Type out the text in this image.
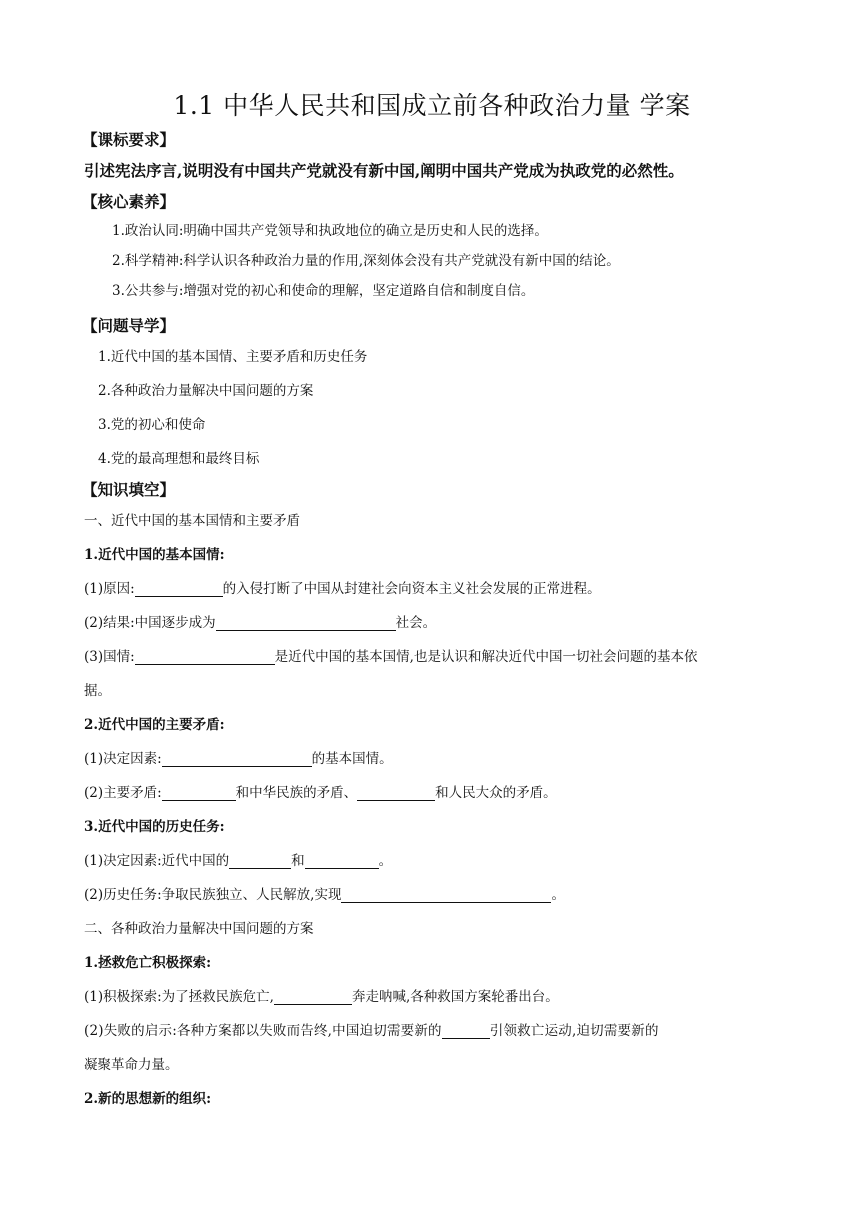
1.1 中华人民共和国成立前各种政治力量 学案
【课标要求】
引述宪法序言,说明没有中国共产党就没有新中国,阐明中国共产党成为执政党的必然性。
【核心素养】
1.政治认同:明确中国共产党领导和执政地位的确立是历史和人民的选择。
2.科学精神:科学认识各种政治力量的作用,深刻体会没有共产党就没有新中国的结论。
3.公共参与:增强对党的初心和使命的理解，坚定道路自信和制度自信。
【问题导学】
1.近代中国的基本国情、主要矛盾和历史任务
2.各种政治力量解决中国问题的方案
3.党的初心和使命
4.党的最高理想和最终目标
【知识填空】
一、近代中国的基本国情和主要矛盾
1.近代中国的基本国情:
(1)原因:	的入侵打断了中国从封建社会向资本主义社会发展的正常进程。
(2)结果:中国逐步成为	社会。
(3)国情:	是近代中国的基本国情,也是认识和解决近代中国一切社会问题的基本依
据。
2.近代中国的主要矛盾:
(1)决定因素:	的基本国情。
(2)主要矛盾:	和中华民族的矛盾、	和人民大众的矛盾。
3.近代中国的历史任务:
(1)决定因素:近代中国的	和	。
(2)历史任务:争取民族独立、人民解放,实现	。
二、各种政治力量解决中国问题的方案
1.拯救危亡积极探索:
(1)积极探索:为了拯救民族危亡,	奔走呐喊,各种救国方案轮番出台。
(2)失败的启示:各种方案都以失败而告终,中国迫切需要新的	引领救亡运动,迫切需要新的
凝聚革命力量。
2.新的思想新的组织:
